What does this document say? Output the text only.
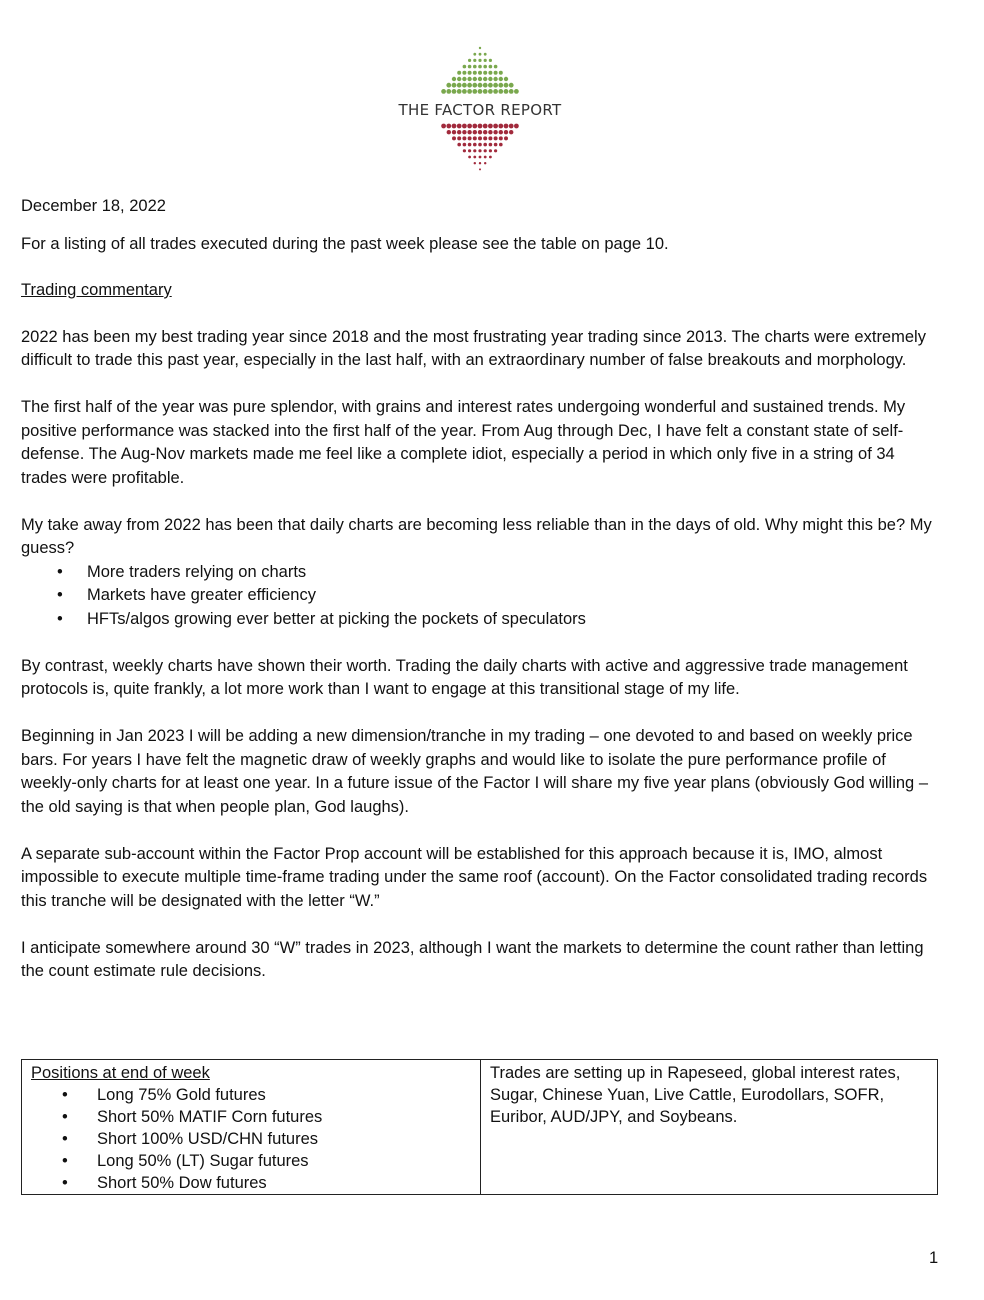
THE FACTOR REPORT

December 18, 2022

For a listing of all trades executed during the past week please see the table on page 10.

Trading commentary

2022 has been my best trading year since 2018 and the most frustrating year trading since 2013. The charts were extremely difficult to trade this past year, especially in the last half, with an extraordinary number of false breakouts and morphology.

The first half of the year was pure splendor, with grains and interest rates undergoing wonderful and sustained trends. My positive performance was stacked into the first half of the year. From Aug through Dec, I have felt a constant state of self-defense. The Aug-Nov markets made me feel like a complete idiot, especially a period in which only five in a string of 34 trades were profitable.

My take away from 2022 has been that daily charts are becoming less reliable than in the days of old. Why might this be? My guess?

• More traders relying on charts
• Markets have greater efficiency
• HFTs/algos growing ever better at picking the pockets of speculators

By contrast, weekly charts have shown their worth. Trading the daily charts with active and aggressive trade management protocols is, quite frankly, a lot more work than I want to engage at this transitional stage of my life.

Beginning in Jan 2023 I will be adding a new dimension/tranche in my trading – one devoted to and based on weekly price bars. For years I have felt the magnetic draw of weekly graphs and would like to isolate the pure performance profile of weekly-only charts for at least one year. In a future issue of the Factor I will share my five year plans (obviously God willing – the old saying is that when people plan, God laughs).

A separate sub-account within the Factor Prop account will be established for this approach because it is, IMO, almost impossible to execute multiple time-frame trading under the same roof (account). On the Factor consolidated trading records this tranche will be designated with the letter “W.”

I anticipate somewhere around 30 “W” trades in 2023, although I want the markets to determine the count rather than letting the count estimate rule decisions.

Positions at end of week
• Long 75% Gold futures
• Short 50% MATIF Corn futures
• Short 100% USD/CHN futures
• Long 50% (LT) Sugar futures
• Short 50% Dow futures

Trades are setting up in Rapeseed, global interest rates, Sugar, Chinese Yuan, Live Cattle, Eurodollars, SOFR, Euribor, AUD/JPY, and Soybeans.
1
